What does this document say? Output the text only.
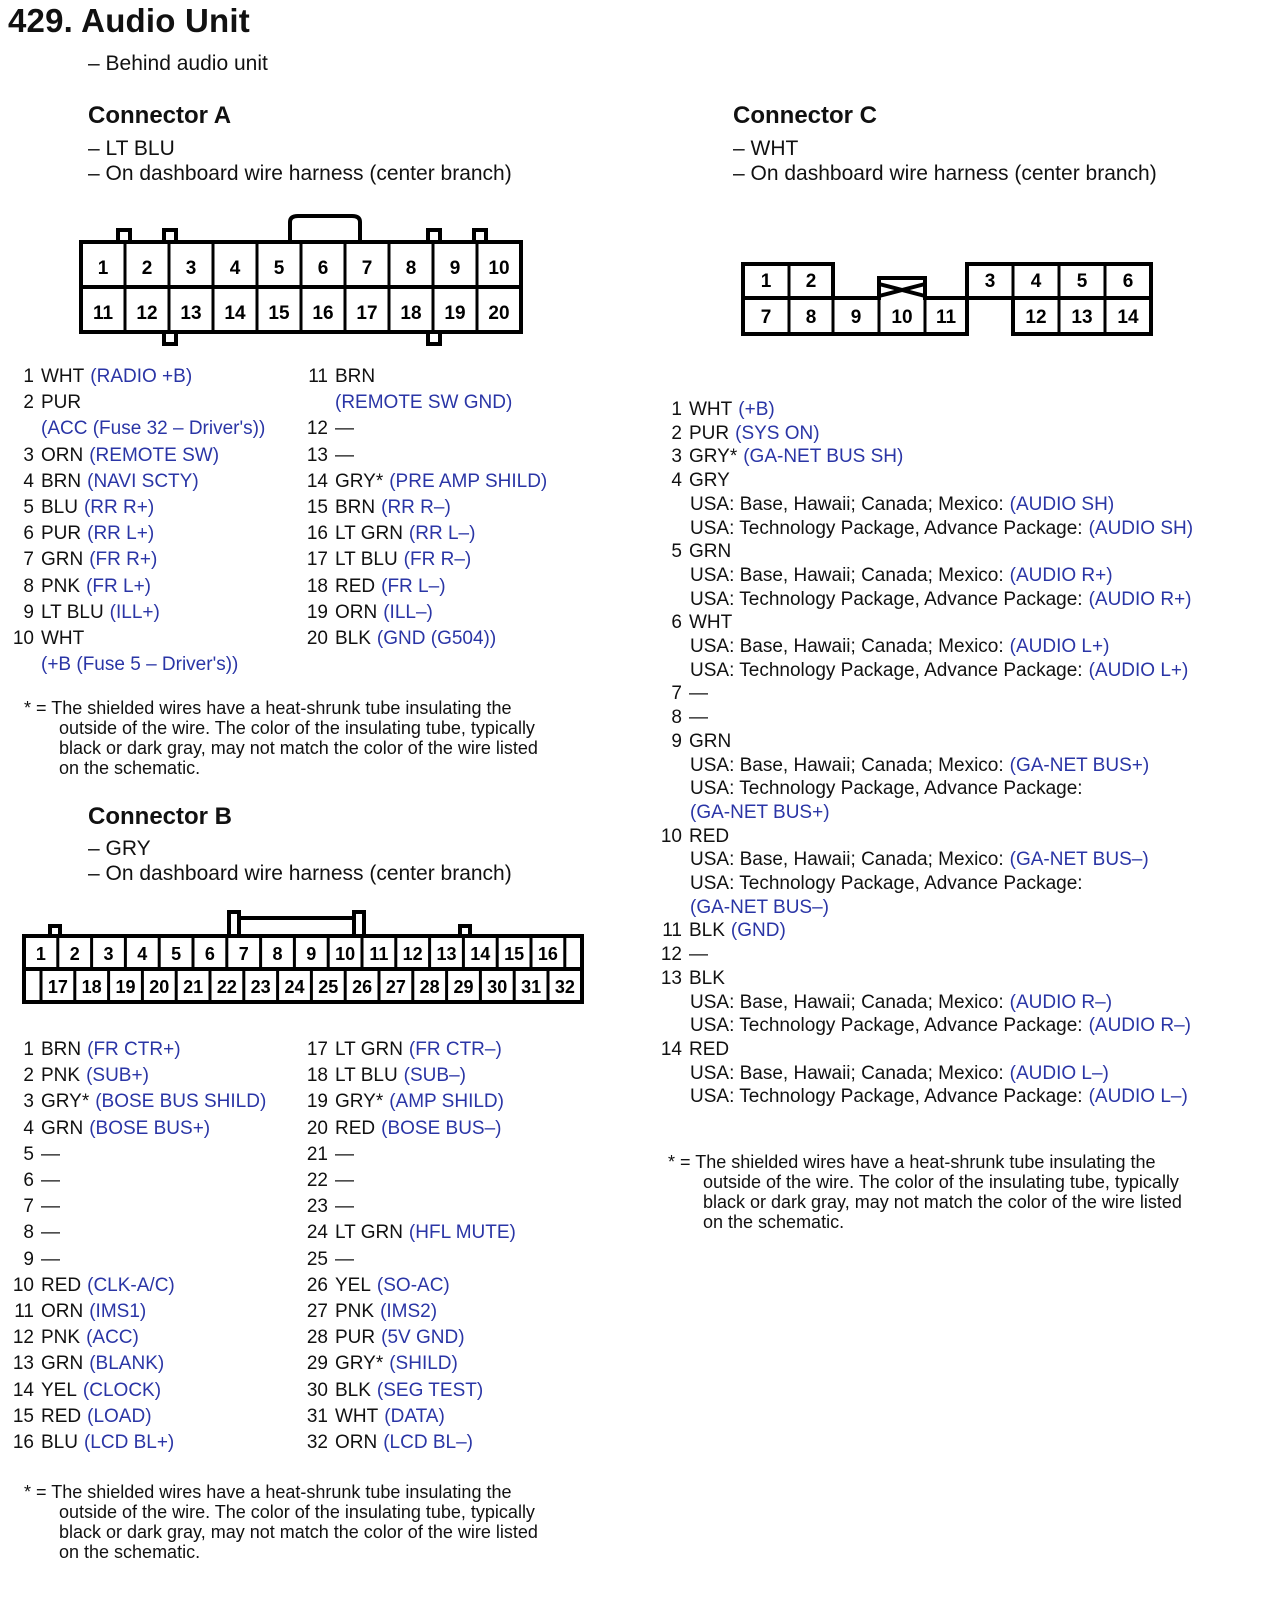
429. Audio Unit
– Behind audio unit
Connector A
– LT BLU
– On dashboard wire harness (center branch)
1 2 3 4 5 6 7 8 9 10
11 12 13 14 15 16 17 18 19 20
1 WHT (RADIO +B)
2 PUR
(ACC (Fuse 32 – Driver's))
3 ORN (REMOTE SW)
4 BRN (NAVI SCTY)
5 BLU (RR R+)
6 PUR (RR L+)
7 GRN (FR R+)
8 PNK (FR L+)
9 LT BLU (ILL+)
10 WHT
(+B (Fuse 5 – Driver's))
11 BRN
(REMOTE SW GND)
12 —
13 —
14 GRY* (PRE AMP SHILD)
15 BRN (RR R–)
16 LT GRN (RR L–)
17 LT BLU (FR R–)
18 RED (FR L–)
19 ORN (ILL–)
20 BLK (GND (G504))
* = The shielded wires have a heat-shrunk tube insulating the
outside of the wire. The color of the insulating tube, typically
black or dark gray, may not match the color of the wire listed
on the schematic.
Connector B
– GRY
– On dashboard wire harness (center branch)
1 2 3 4 5 6 7 8 9 10 11 12 13 14 15 16
17 18 19 20 21 22 23 24 25 26 27 28 29 30 31 32
1 BRN (FR CTR+)
2 PNK (SUB+)
3 GRY* (BOSE BUS SHILD)
4 GRN (BOSE BUS+)
5 —
6 —
7 —
8 —
9 —
10 RED (CLK-A/C)
11 ORN (IMS1)
12 PNK (ACC)
13 GRN (BLANK)
14 YEL (CLOCK)
15 RED (LOAD)
16 BLU (LCD BL+)
17 LT GRN (FR CTR–)
18 LT BLU (SUB–)
19 GRY* (AMP SHILD)
20 RED (BOSE BUS–)
21 —
22 —
23 —
24 LT GRN (HFL MUTE)
25 —
26 YEL (SO-AC)
27 PNK (IMS2)
28 PUR (5V GND)
29 GRY* (SHILD)
30 BLK (SEG TEST)
31 WHT (DATA)
32 ORN (LCD BL–)
* = The shielded wires have a heat-shrunk tube insulating the
outside of the wire. The color of the insulating tube, typically
black or dark gray, may not match the color of the wire listed
on the schematic.
Connector C
– WHT
– On dashboard wire harness (center branch)
1 2	3 4 5 6
7 8 9 10 11	12 13 14
1 WHT (+B)
2 PUR (SYS ON)
3 GRY* (GA-NET BUS SH)
4 GRY
USA: Base, Hawaii; Canada; Mexico: (AUDIO SH)
USA: Technology Package, Advance Package: (AUDIO SH)
5 GRN
USA: Base, Hawaii; Canada; Mexico: (AUDIO R+)
USA: Technology Package, Advance Package: (AUDIO R+)
6 WHT
USA: Base, Hawaii; Canada; Mexico: (AUDIO L+)
USA: Technology Package, Advance Package: (AUDIO L+)
7 —
8 —
9 GRN
USA: Base, Hawaii; Canada; Mexico: (GA-NET BUS+)
USA: Technology Package, Advance Package:
(GA-NET BUS+)
10 RED
USA: Base, Hawaii; Canada; Mexico: (GA-NET BUS–)
USA: Technology Package, Advance Package:
(GA-NET BUS–)
11 BLK (GND)
12 —
13 BLK
USA: Base, Hawaii; Canada; Mexico: (AUDIO R–)
USA: Technology Package, Advance Package: (AUDIO R–)
14 RED
USA: Base, Hawaii; Canada; Mexico: (AUDIO L–)
USA: Technology Package, Advance Package: (AUDIO L–)
* = The shielded wires have a heat-shrunk tube insulating the
outside of the wire. The color of the insulating tube, typically
black or dark gray, may not match the color of the wire listed
on the schematic.
